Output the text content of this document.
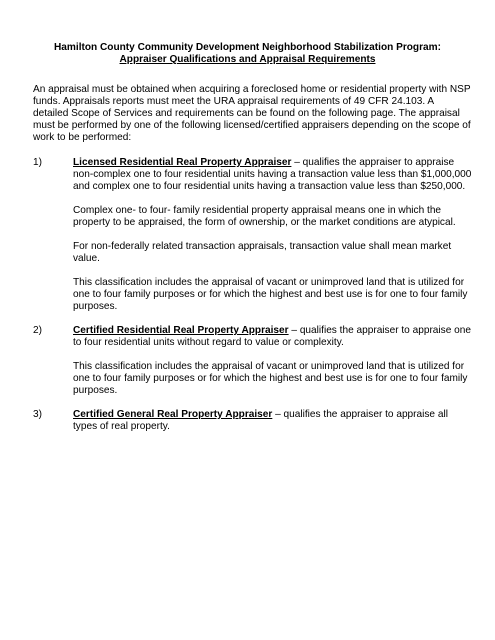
Hamilton County Community Development Neighborhood Stabilization Program:
Appraiser Qualifications and Appraisal Requirements

An appraisal must be obtained when acquiring a foreclosed home or residential property with NSP funds. Appraisals reports must meet the URA appraisal requirements of 49 CFR 24.103. A detailed Scope of Services and requirements can be found on the following page. The appraisal must be performed by one of the following licensed/certified appraisers depending on the scope of work to be performed:

1)	Licensed Residential Real Property Appraiser – qualifies the appraiser to appraise non-complex one to four residential units having a transaction value less than $1,000,000 and complex one to four residential units having a transaction value less than $250,000.

Complex one- to four- family residential property appraisal means one in which the property to be appraised, the form of ownership, or the market conditions are atypical.

For non-federally related transaction appraisals, transaction value shall mean market value.

This classification includes the appraisal of vacant or unimproved land that is utilized for one to four family purposes or for which the highest and best use is for one to four family purposes.

2)	Certified Residential Real Property Appraiser – qualifies the appraiser to appraise one to four residential units without regard to value or complexity.

This classification includes the appraisal of vacant or unimproved land that is utilized for one to four family purposes or for which the highest and best use is for one to four family purposes.

3)	Certified General Real Property Appraiser – qualifies the appraiser to appraise all types of real property.
